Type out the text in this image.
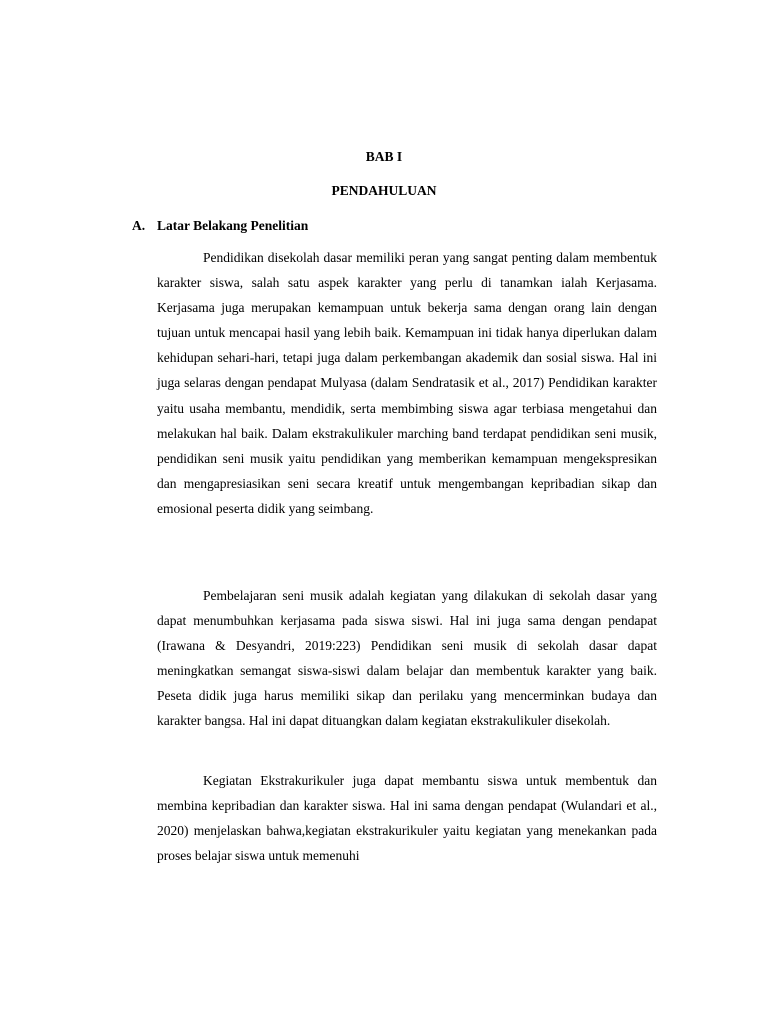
BAB I
PENDAHULUAN
A. Latar Belakang Penelitian

Pendidikan disekolah dasar memiliki peran yang sangat penting dalam membentuk karakter siswa, salah satu aspek karakter yang perlu di tanamkan ialah Kerjasama. Kerjasama juga merupakan kemampuan untuk bekerja sama dengan orang lain dengan tujuan untuk mencapai hasil yang lebih baik. Kemampuan ini tidak hanya diperlukan dalam kehidupan sehari-hari, tetapi juga dalam perkembangan akademik dan sosial siswa. Hal ini juga selaras dengan pendapat Mulyasa (dalam Sendratasik et al., 2017) Pendidikan karakter yaitu usaha membantu, mendidik, serta membimbing siswa agar terbiasa mengetahui dan melakukan hal baik. Dalam ekstrakulikuler marching band terdapat pendidikan seni musik, pendidikan seni musik yaitu pendidikan yang memberikan kemampuan mengekspresikan dan mengapresiasikan seni secara kreatif untuk mengembangan kepribadian sikap dan emosional peserta didik yang seimbang.

Pembelajaran seni musik adalah kegiatan yang dilakukan di sekolah dasar yang dapat menumbuhkan kerjasama pada siswa siswi. Hal ini juga sama dengan pendapat (Irawana & Desyandri, 2019:223) Pendidikan seni musik di sekolah dasar dapat meningkatkan semangat siswa-siswi dalam belajar dan membentuk karakter yang baik. Peseta didik juga harus memiliki sikap dan perilaku yang mencerminkan budaya dan karakter bangsa. Hal ini dapat dituangkan dalam kegiatan ekstrakulikuler disekolah.

Kegiatan Ekstrakurikuler juga dapat membantu siswa untuk membentuk dan membina kepribadian dan karakter siswa. Hal ini sama dengan pendapat (Wulandari et al., 2020) menjelaskan bahwa,kegiatan ekstrakurikuler yaitu kegiatan yang menekankan pada proses belajar siswa untuk memenuhi
